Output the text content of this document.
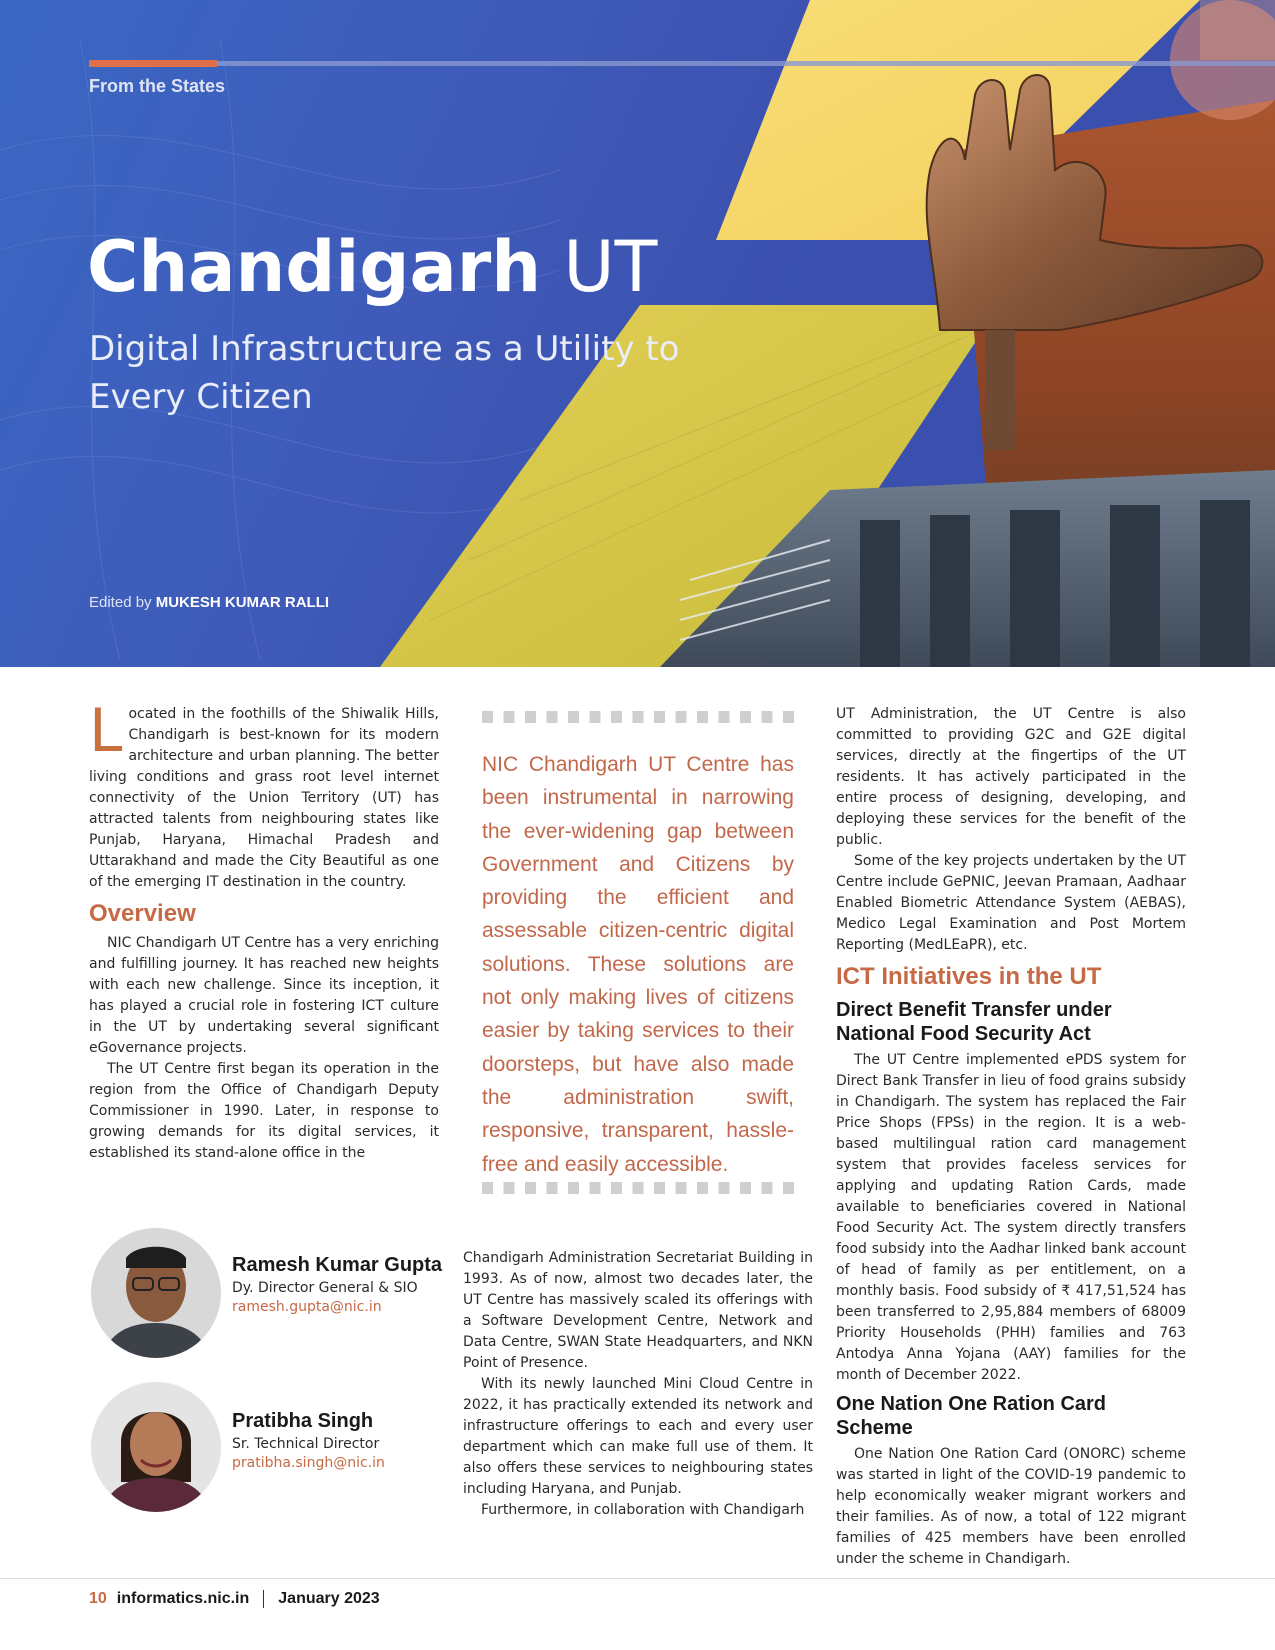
From the States
Chandigarh UT
Digital Infrastructure as a Utility to Every Citizen
Edited by MUKESH KUMAR RALLI

Located in the foothills of the Shiwalik Hills, Chandigarh is best-known for its modern architecture and urban planning. The better living conditions and grass root level internet connectivity of the Union Territory (UT) has attracted talents from neighbouring states like Punjab, Haryana, Himachal Pradesh and Uttarakhand and made the City Beautiful as one of the emerging IT destination in the country.

Overview

NIC Chandigarh UT Centre has a very enriching and fulfilling journey. It has reached new heights with each new challenge. Since its inception, it has played a crucial role in fostering ICT culture in the UT by undertaking several significant eGovernance projects.

The UT Centre first began its operation in the region from the Office of Chandigarh Deputy Commissioner in 1990. Later, in response to growing demands for its digital services, it established its stand-alone office in the

NIC Chandigarh UT Centre has been instrumental in narrowing the ever-widening gap between Government and Citizens by providing the efficient and assessable citizen-centric digital solutions. These solutions are not only making lives of citizens easier by taking services to their doorsteps, but have also made the administration swift, responsive, transparent, hassle-free and easily accessible.
Ramesh Kumar Gupta
Dy. Director General & SIO
ramesh.gupta@nic.in
Pratibha Singh
Sr. Technical Director
pratibha.singh@nic.in

Chandigarh Administration Secretariat Building in 1993. As of now, almost two decades later, the UT Centre has massively scaled its offerings with a Software Development Centre, Network and Data Centre, SWAN State Headquarters, and NKN Point of Presence.

With its newly launched Mini Cloud Centre in 2022, it has practically extended its network and infrastructure offerings to each and every user department which can make full use of them. It also offers these services to neighbouring states including Haryana, and Punjab.

Furthermore, in collaboration with Chandigarh

UT Administration, the UT Centre is also committed to providing G2C and G2E digital services, directly at the fingertips of the UT residents. It has actively participated in the entire process of designing, developing, and deploying these services for the benefit of the public.

Some of the key projects undertaken by the UT Centre include GePNIC, Jeevan Pramaan, Aadhaar Enabled Biometric Attendance System (AEBAS), Medico Legal Examination and Post Mortem Reporting (MedLEaPR), etc.

ICT Initiatives in the UT
Direct Benefit Transfer under National Food Security Act

The UT Centre implemented ePDS system for Direct Bank Transfer in lieu of food grains subsidy in Chandigarh. The system has replaced the Fair Price Shops (FPSs) in the region. It is a web-based multilingual ration card management system that provides faceless services for applying and updating Ration Cards, made available to beneficiaries covered in National Food Security Act. The system directly transfers food subsidy into the Aadhar linked bank account of head of family as per entitlement, on a monthly basis. Food subsidy of ₹ 417,51,524 has been transferred to 2,95,884 members of 68009 Priority Households (PHH) families and 763 Antodya Anna Yojana (AAY) families for the month of December 2022.

One Nation One Ration Card Scheme

One Nation One Ration Card (ONORC) scheme was started in light of the COVID-19 pandemic to help economically weaker migrant workers and their families. As of now, a total of 122 migrant families of 425 members have been enrolled under the scheme in Chandigarh.

10 informatics.nic.in January 2023
